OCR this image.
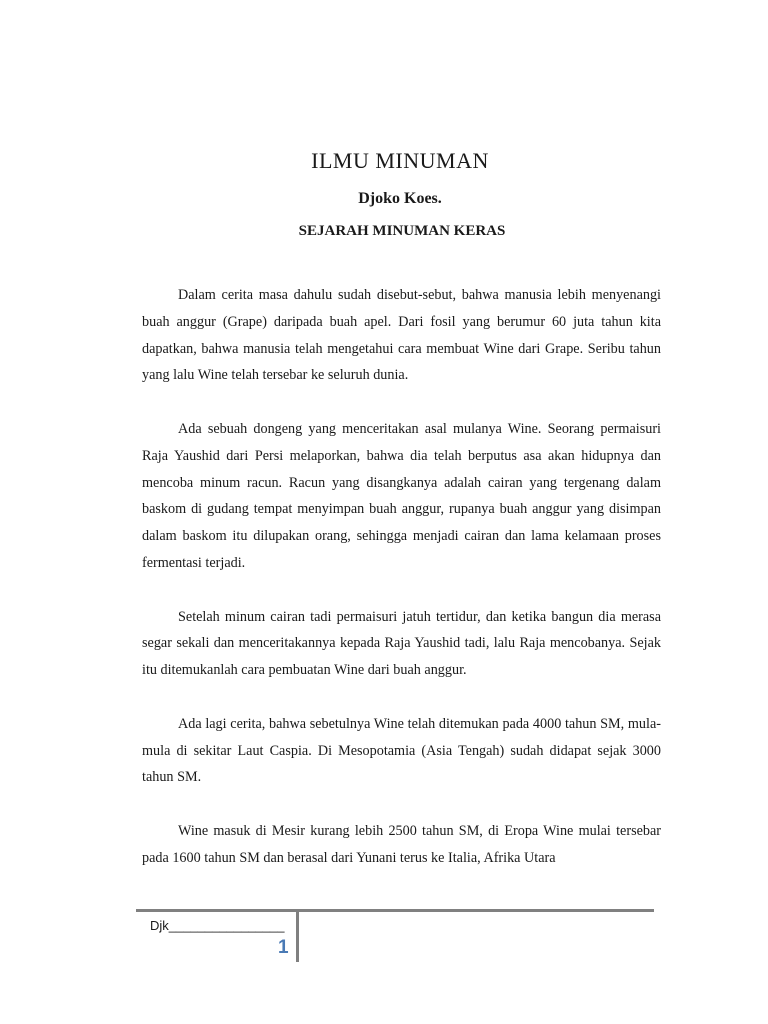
ILMU MINUMAN
Djoko Koes.
SEJARAH MINUMAN KERAS

Dalam cerita masa dahulu sudah disebut-sebut, bahwa manusia lebih menyenangi buah anggur (Grape) daripada buah apel. Dari fosil yang berumur 60 juta tahun kita dapatkan, bahwa manusia telah mengetahui cara membuat Wine dari Grape. Seribu tahun yang lalu Wine telah tersebar ke seluruh dunia.

Ada sebuah dongeng yang menceritakan asal mulanya Wine. Seorang permaisuri Raja Yaushid dari Persi melaporkan, bahwa dia telah berputus asa akan hidupnya dan mencoba minum racun. Racun yang disangkanya adalah cairan yang tergenang dalam baskom di gudang tempat menyimpan buah anggur, rupanya buah anggur yang disimpan dalam baskom itu dilupakan orang, sehingga menjadi cairan dan lama kelamaan proses fermentasi terjadi.

Setelah minum cairan tadi permaisuri jatuh tertidur, dan ketika bangun dia merasa segar sekali dan menceritakannya kepada Raja Yaushid tadi, lalu Raja mencobanya. Sejak itu ditemukanlah cara pembuatan Wine dari buah anggur.

Ada lagi cerita, bahwa sebetulnya Wine telah ditemukan pada 4000 tahun SM, mula-mula di sekitar Laut Caspia. Di Mesopotamia (Asia Tengah) sudah didapat sejak 3000 tahun SM.

Wine masuk di Mesir kurang lebih 2500 tahun SM, di Eropa Wine mulai tersebar pada 1600 tahun SM dan berasal dari Yunani terus ke Italia, Afrika Utara

Djk________________
1
